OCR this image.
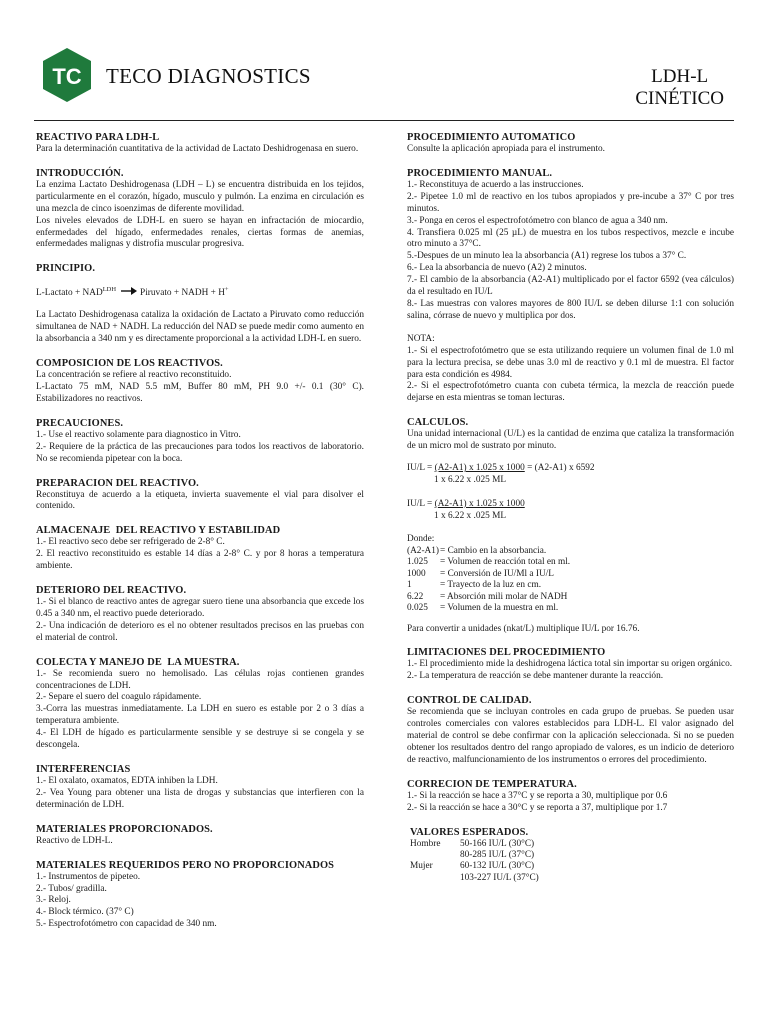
TC TECO DIAGNOSTICS	LDH-L
CINÉTICO
REACTIVO PARA LDH-L

Para la determinación cuantitativa de la actividad de Lactato Deshidrogenasa en suero.

INTRODUCCIÓN.

La enzima Lactato Deshidrogenasa (LDH – L) se encuentra distribuida en los tejidos, particularmente en el corazón, hígado, musculo y pulmón. La enzima en circulación es una mezcla de cinco isoenzimas de diferente movilidad.

Los niveles elevados de LDH-L en suero se hayan en infractación de miocardio, enfermedades del hígado, enfermedades renales, ciertas formas de anemias, enfermedades malignas y distrofia muscular progresiva.

PRINCIPIO.
L-Lactato + $NAD^{LDH}$ → Piruvato + NADH + H+

La Lactato Deshidrogenasa cataliza la oxidación de Lactato a Piruvato como reducción simultanea de NAD + NADH. La reducción del NAD se puede medir como aumento en la absorbancia a 340 nm y es directamente proporcional a la actividad LDH-L en suero.

COMPOSICION DE LOS REACTIVOS.
La concentración se refiere al reactivo reconstituido.
L-Lactato 75 mM, NAD 5.5 mM, Buffer 80 mM, PH 9.0 +/- 0.1 (30° C). Estabilizadores no reactivos.
PRECAUCIONES.
1.- Use el reactivo solamente para diagnostico in Vitro.
2.- Requiere de la práctica de las precauciones para todos los reactivos de laboratorio. No se recomienda pipetear con la boca.
PREPARACION DEL REACTIVO.

Reconstituya de acuerdo a la etiqueta, invierta suavemente el vial para disolver el contenido.

ALMACENAJE  DEL REACTIVO Y ESTABILIDAD
1.- El reactivo seco debe ser refrigerado de 2-8° C.
2. El reactivo reconstituido es estable 14 días a 2-8° C. y por 8 horas a temperatura ambiente.
DETERIORO DEL REACTIVO.
1.- Si el blanco de reactivo antes de agregar suero tiene una absorbancia que excede los 0.45 a 340 nm, el reactivo puede deteriorado.
2.- Una indicación de deterioro es el no obtener resultados precisos en las pruebas con el material de control.
COLECTA Y MANEJO DE  LA MUESTRA.
1.- Se recomienda suero no hemolisado. Las células rojas contienen grandes concentraciones de LDH.
2.- Separe el suero del coagulo rápidamente.
3.-Corra las muestras inmediatamente. La LDH en suero es estable por 2 o 3 días a temperatura ambiente.
4.- El LDH de hígado es particularmente sensible y se destruye si se congela y se descongela.
INTERFERENCIAS
1.- El oxalato, oxamatos, EDTA inhiben la LDH.
2.- Vea Young para obtener una lista de drogas y substancias que interfieren con la determinación de LDH.
MATERIALES PROPORCIONADOS.

Reactivo de LDH-L.

MATERIALES REQUERIDOS PERO NO PROPORCIONADOS
1.- Instrumentos de pipeteo.
2.- Tubos/ gradilla.
3.- Reloj.
4.- Block térmico. (37° C)
5.- Espectrofotómetro con capacidad de 340 nm.
PROCEDIMIENTO AUTOMATICO

Consulte la aplicación apropiada para el instrumento.

PROCEDIMIENTO MANUAL.
1.- Reconstituya de acuerdo a las instrucciones.
2.- Pipetee 1.0 ml de reactivo en los tubos apropiados y pre-incube a 37° C por tres minutos.
3.- Ponga en ceros el espectrofotómetro con blanco de agua a 340 nm.
4. Transfiera 0.025 ml (25 µL) de muestra en los tubos respectivos, mezcle e incube otro minuto a 37°C.
5.-Despues de un minuto lea la absorbancia (A1) regrese los tubos a 37° C.
6.- Lea la absorbancia de nuevo (A2) 2 minutos.
7.- El cambio de la absorbancia (A2-A1) multiplicado por el factor 6592 (vea cálculos) da el resultado en IU/L
8.- Las muestras con valores mayores de 800 IU/L se deben dilurse 1:1 con solución salina, córrase de nuevo y multiplica por dos.
NOTA:
1.- Si el espectrofotómetro que se esta utilizando requiere un volumen final de 1.0 ml para la lectura precisa, se debe unas 3.0 ml de reactivo y 0.1 ml de muestra. El factor para esta condición es 4984.
2.- Si el espectrofotómetro cuanta con cubeta térmica, la mezcla de reacción puede dejarse en esta mientras se toman lecturas.
CALCULOS.

Una unidad internacional (U/L) es la cantidad de enzima que cataliza la transformación de un micro mol de sustrato por minuto.

IU/L = (A2-A1) x 1.025 x 1000 = (A2-A1) x 6592
1 x 6.22 x .025 ML
IU/L = (A2-A1) x 1.025 x 1000
1 x 6.22 x .025 ML
Donde:
(A2-A1)	= Cambio en la absorbancia.
1.025	= Volumen de reacción total en ml.
1000	= Conversión de IU/Ml a IU/L
1	= Trayecto de la luz en cm.
6.22	= Absorción mili molar de NADH
0.025	= Volumen de la muestra en ml.

Para convertir a unidades (nkat/L) multiplique IU/L por 16.76.

LIMITACIONES DEL PROCEDIMIENTO
1.- El procedimiento mide la deshidrogena láctica total sin importar su origen orgánico.
2.- La temperatura de reacción se debe mantener durante la reacción.
CONTROL DE CALIDAD.

Se recomienda que se incluyan controles en cada grupo de pruebas. Se pueden usar controles comerciales con valores establecidos para LDH-L. El valor asignado del material de control se debe confirmar con la aplicación seleccionada. Si no se pueden obtener los resultados dentro del rango apropiado de valores, es un indicio de deterioro de reactivo, malfuncionamiento de los instrumentos o errores del procedimiento.

CORRECION DE TEMPERATURA.
1.- Si la reacción se hace a 37°C y se reporta a 30, multiplique por 0.6
2.- Si la reacción se hace a 30°C y se reporta a 37, multiplique por 1.7
VALORES ESPERADOS.
Hombre	50-166 IU/L (30°C)
	80-285 IU/L (37°C)
Mujer	60-132 IU/L (30°C)
	103-227 IU/L (37°C)
